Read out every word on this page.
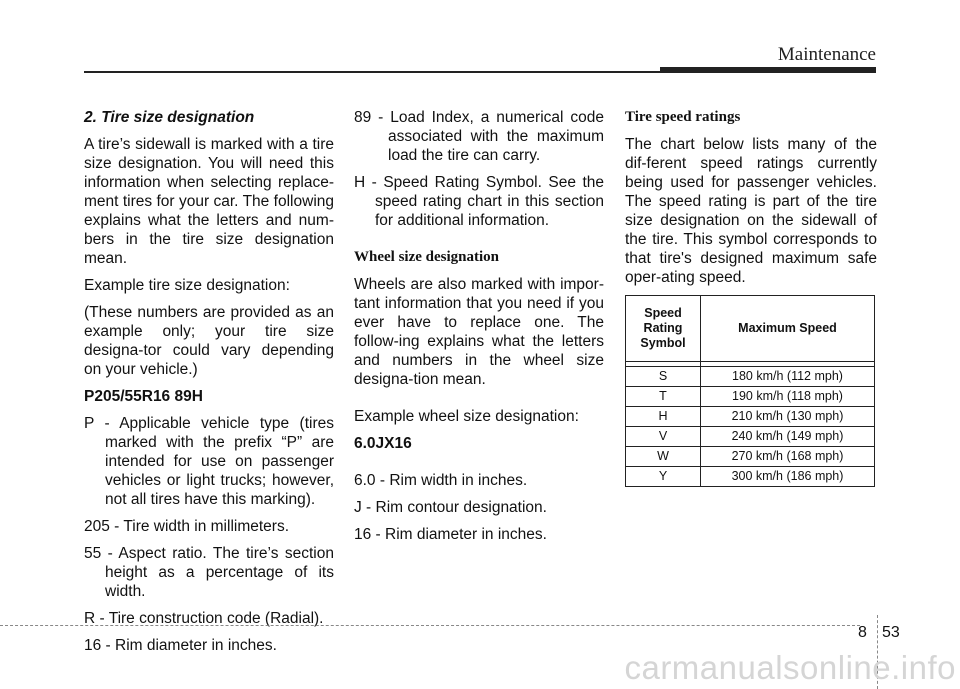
Maintenance

2. Tire size designation

A tire’s sidewall is marked with a tire size designation. You will need this information when selecting replace-ment tires for your car. The following explains what the letters and num-bers in the tire size designation mean.

Example tire size designation:

(These numbers are provided as an example only; your tire size designa-tor could vary depending on your vehicle.)

P205/55R16 89H

P - Applicable vehicle type (tires marked with the prefix “P” are intended for use on passenger vehicles or light trucks; however, not all tires have this marking).

205 - Tire width in millimeters.

55 - Aspect ratio. The tire’s section height as a percentage of its width.

R - Tire construction code (Radial).

16 - Rim diameter in inches.

89 - Load Index, a numerical code associated with the maximum load the tire can carry.

H - Speed Rating Symbol. See the speed rating chart in this section for additional information.

Wheel size designation

Wheels are also marked with impor-tant information that you need if you ever have to replace one. The follow-ing explains what the letters and numbers in the wheel size designa-tion mean.

Example wheel size designation:

6.0JX16

6.0 - Rim width in inches.

J - Rim contour designation.

16 - Rim diameter in inches.

Tire speed ratings

The chart below lists many of the dif-ferent speed ratings currently being used for passenger vehicles. The speed rating is part of the tire size designation on the sidewall of the tire. This symbol corresponds to that tire's designed maximum safe oper-ating speed.

Speed Rating Symbol	Maximum Speed

S	180 km/h (112 mph)
T	190 km/h (118 mph)
H	210 km/h (130 mph)
V	240 km/h (149 mph)
W	270 km/h (168 mph)
Y	300 km/h (186 mph)
8 53
carmanualsonline.info
